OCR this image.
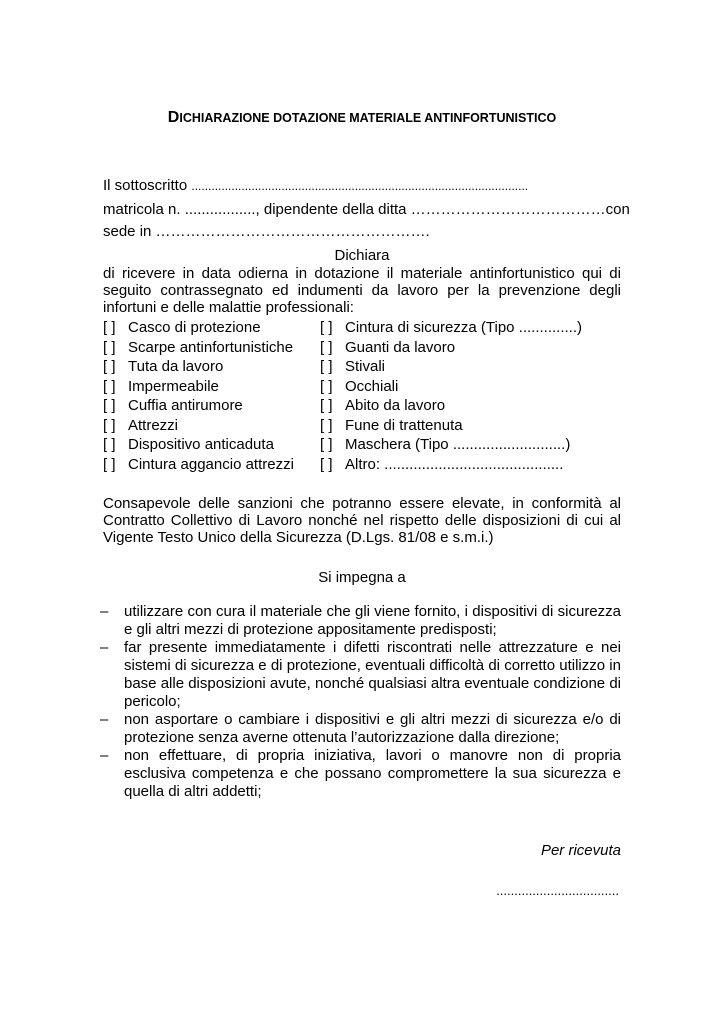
DICHIARAZIONE DOTAZIONE MATERIALE ANTINFORTUNISTICO
Il sottoscritto .....................................................................................................
matricola n. ................., dipendente della ditta …………………………………con
sede in ……………………………………………….
Dichiara
di ricevere in data odierna in dotazione il materiale antinfortunistico qui di
seguito contrassegnato ed indumenti da lavoro per la prevenzione degli
infortuni e delle malattie professionali:
[ ] Casco di protezione
[ ] Scarpe antinfortunistiche
[ ] Tuta da lavoro
[ ] Impermeabile
[ ] Cuffia antirumore
[ ] Attrezzi
[ ] Dispositivo anticaduta
[ ] Cintura aggancio attrezzi
[ ] Cintura di sicurezza (Tipo ..............)
[ ] Guanti da lavoro
[ ] Stivali
[ ] Occhiali
[ ] Abito da lavoro
[ ] Fune di trattenuta
[ ] Maschera (Tipo ...........................)
[ ] Altro: ...........................................
Consapevole delle sanzioni che potranno essere elevate, in conformità al
Contratto Collettivo di Lavoro nonché nel rispetto delle disposizioni di cui al
Vigente Testo Unico della Sicurezza (D.Lgs. 81/08 e s.m.i.)
Si impegna a
– utilizzare con cura il materiale che gli viene fornito, i dispositivi di sicurezza e gli altri mezzi di protezione appositamente predisposti;
– far presente immediatamente i difetti riscontrati nelle attrezzature e nei sistemi di sicurezza e di protezione, eventuali difficoltà di corretto utilizzo in base alle disposizioni avute, nonché qualsiasi altra eventuale condizione di pericolo;
– non asportare o cambiare i dispositivi e gli altri mezzi di sicurezza e/o di protezione senza averne ottenuta l’autorizzazione dalla direzione;
– non effettuare, di propria iniziativa, lavori o manovre non di propria esclusiva competenza e che possano compromettere la sua sicurezza e quella di altri addetti;
Per ricevuta
..................................
